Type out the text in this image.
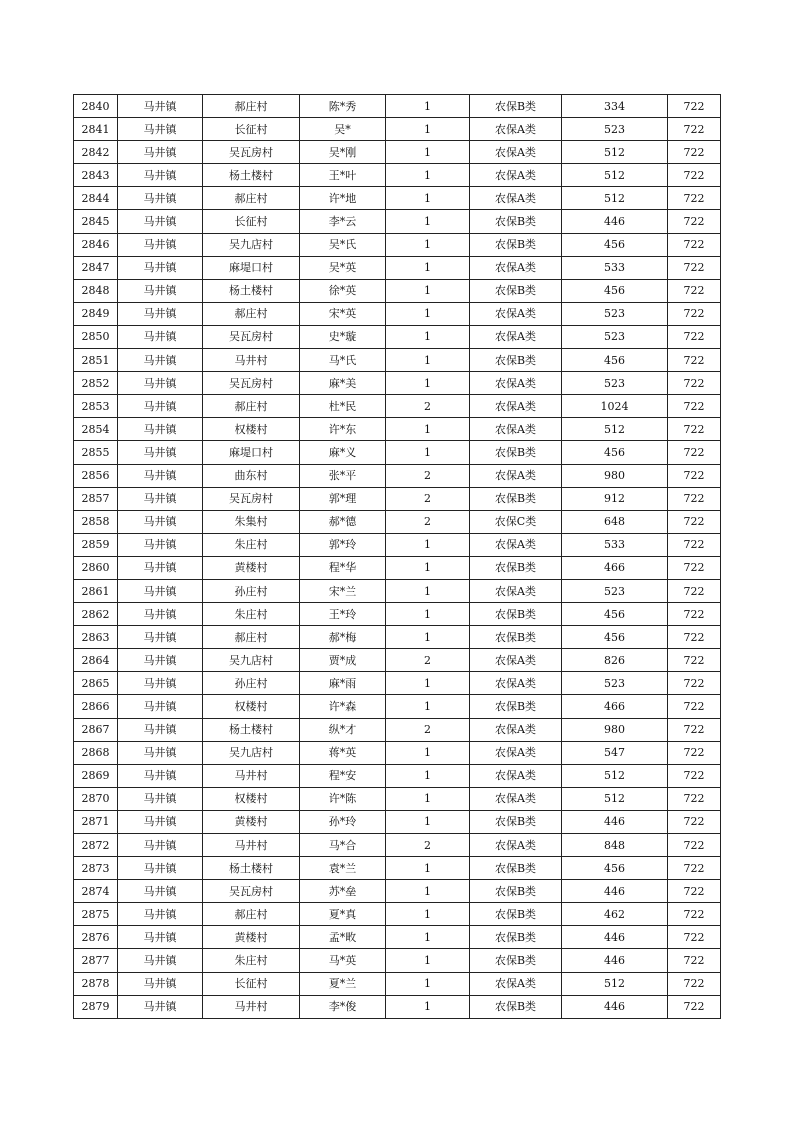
2840	马井镇	郝庄村	陈*秀	1	农保B类	334	722
2841	马井镇	长征村	吴*	1	农保A类	523	722
2842	马井镇	吴瓦房村	吴*刚	1	农保A类	512	722
2843	马井镇	杨土楼村	王*叶	1	农保A类	512	722
2844	马井镇	郝庄村	许*地	1	农保A类	512	722
2845	马井镇	长征村	李*云	1	农保B类	446	722
2846	马井镇	吴九店村	吴*氏	1	农保B类	456	722
2847	马井镇	麻堤口村	吴*英	1	农保A类	533	722
2848	马井镇	杨土楼村	徐*英	1	农保B类	456	722
2849	马井镇	郝庄村	宋*英	1	农保A类	523	722
2850	马井镇	吴瓦房村	史*璇	1	农保A类	523	722
2851	马井镇	马井村	马*氏	1	农保B类	456	722
2852	马井镇	吴瓦房村	麻*美	1	农保A类	523	722
2853	马井镇	郝庄村	杜*民	2	农保A类	1024	722
2854	马井镇	权楼村	许*东	1	农保A类	512	722
2855	马井镇	麻堤口村	麻*义	1	农保B类	456	722
2856	马井镇	曲东村	张*平	2	农保A类	980	722
2857	马井镇	吴瓦房村	郭*理	2	农保B类	912	722
2858	马井镇	朱集村	郝*德	2	农保C类	648	722
2859	马井镇	朱庄村	郭*玲	1	农保A类	533	722
2860	马井镇	黄楼村	程*华	1	农保B类	466	722
2861	马井镇	孙庄村	宋*兰	1	农保A类	523	722
2862	马井镇	朱庄村	王*玲	1	农保B类	456	722
2863	马井镇	郝庄村	郝*梅	1	农保B类	456	722
2864	马井镇	吴九店村	贾*成	2	农保A类	826	722
2865	马井镇	孙庄村	麻*雨	1	农保A类	523	722
2866	马井镇	权楼村	许*森	1	农保B类	466	722
2867	马井镇	杨土楼村	纵*才	2	农保A类	980	722
2868	马井镇	吴九店村	蒋*英	1	农保A类	547	722
2869	马井镇	马井村	程*安	1	农保A类	512	722
2870	马井镇	权楼村	许*陈	1	农保A类	512	722
2871	马井镇	黄楼村	孙*玲	1	农保B类	446	722
2872	马井镇	马井村	马*合	2	农保A类	848	722
2873	马井镇	杨土楼村	袁*兰	1	农保B类	456	722
2874	马井镇	吴瓦房村	苏*垒	1	农保B类	446	722
2875	马井镇	郝庄村	夏*真	1	农保B类	462	722
2876	马井镇	黄楼村	孟*畋	1	农保B类	446	722
2877	马井镇	朱庄村	马*英	1	农保B类	446	722
2878	马井镇	长征村	夏*兰	1	农保A类	512	722
2879	马井镇	马井村	李*俊	1	农保B类	446	722
